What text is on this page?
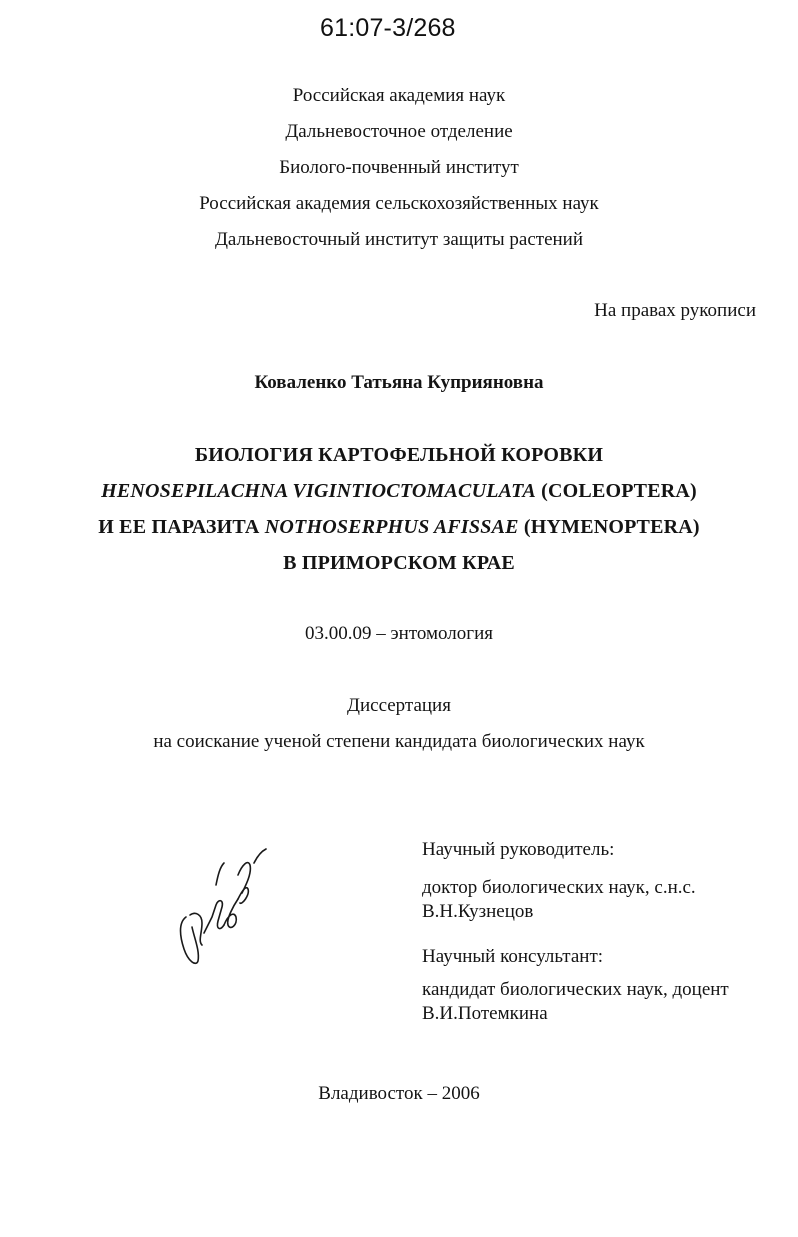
61:07-3/268
Российская академия наук
Дальневосточное отделение
Биолого-почвенный институт
Российская академия сельскохозяйственных наук
Дальневосточный институт защиты растений
На правах рукописи
Коваленко Татьяна Куприяновна
БИОЛОГИЯ КАРТОФЕЛЬНОЙ КОРОВКИ
HENOSEPILACHNA VIGINTIOCTOMACULATA (COLEOPTERA)
И ЕЕ ПАРАЗИТА NOTHOSERPHUS AFISSAE (HYMENOPTERA)
В ПРИМОРСКОМ КРАЕ
03.00.09 – энтомология
Диссертация
на соискание ученой степени кандидата биологических наук
Научный руководитель:
доктор биологических наук, с.н.с.
В.Н.Кузнецов
Научный консультант:
кандидат биологических наук, доцент
В.И.Потемкина
Владивосток – 2006
